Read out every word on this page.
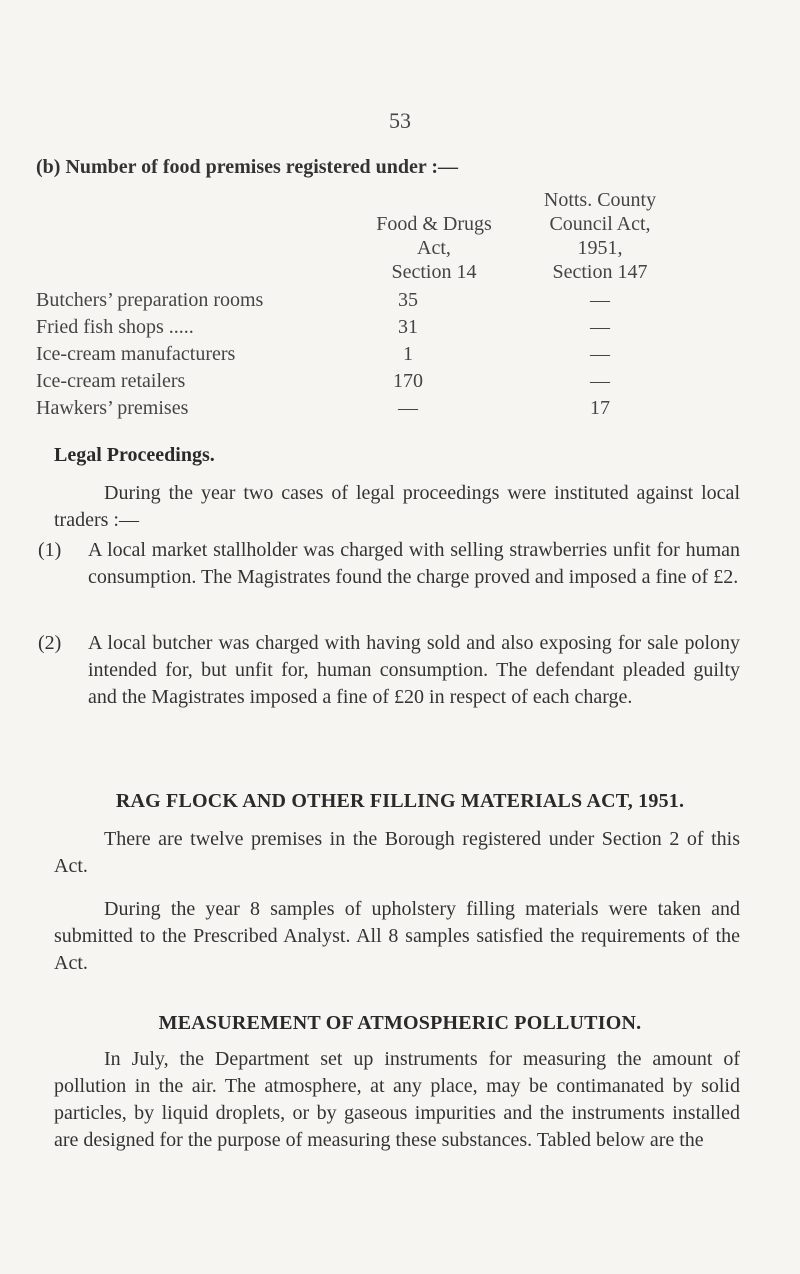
53
(b) Number of food premises registered under :—
Food & Drugs
Act,
Section 14
Notts. County
Council Act,
1951,
Section 147
Butchers’ preparation rooms	35	—
Fried fish shops .....	31	—
Ice-cream manufacturers	1	—
Ice-cream retailers	170	—
Hawkers’ premises	—	17
Legal Proceedings.

During the year two cases of legal proceedings were instituted against local traders :—

(1) A local market stallholder was charged with selling strawberries unfit for human consumption. The Magistrates found the charge proved and imposed a fine of £2.
(2) A local butcher was charged with having sold and also exposing for sale polony intended for, but unfit for, human consumption. The defendant pleaded guilty and the Magistrates imposed a fine of £20 in respect of each charge.
RAG FLOCK AND OTHER FILLING MATERIALS ACT, 1951.

There are twelve premises in the Borough registered under Section 2 of this Act.

During the year 8 samples of upholstery filling materials were taken and submitted to the Prescribed Analyst. All 8 samples satisfied the requirements of the Act.

MEASUREMENT OF ATMOSPHERIC POLLUTION.

In July, the Department set up instruments for measuring the amount of pollution in the air. The atmosphere, at any place, may be contimanated by solid particles, by liquid droplets, or by gaseous impurities and the instruments installed are designed for the purpose of measuring these substances. Tabled below are the
